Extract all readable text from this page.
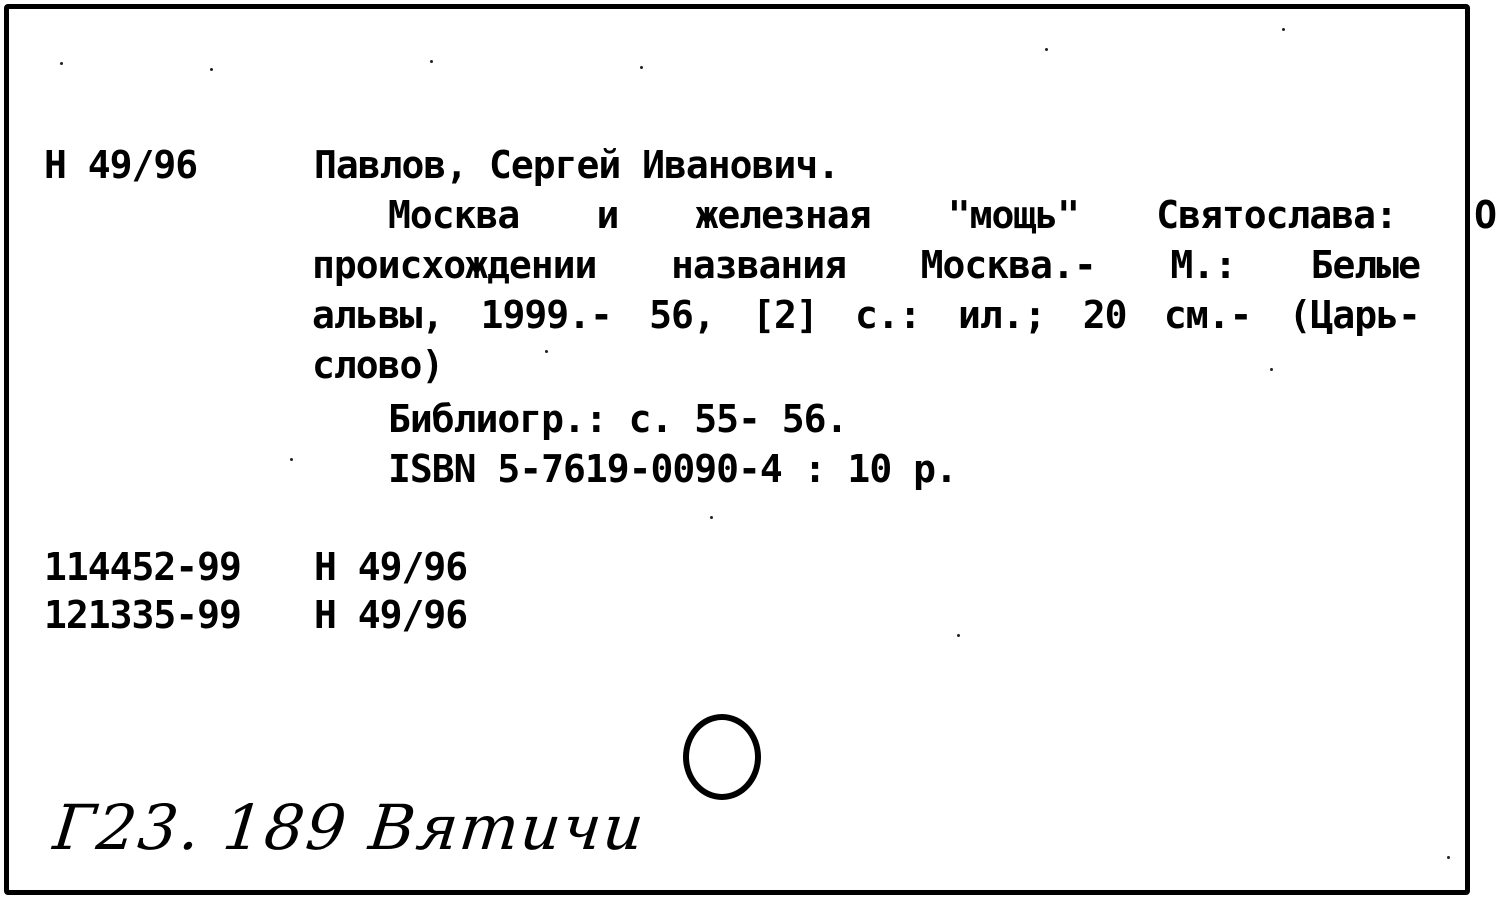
Н 49/96	Павлов, Сергей Иванович.
Москва и железная "мощь" Святослава: О
происхождении названия Москва.- М.: Белые
альвы, 1999.- 56, [2] с.: ил.; 20 см.- (Царь-
слово)
Библиогр.: с. 55- 56.
ISBN 5-7619-0090-4 : 10 р.
114452-99 Н 49/96
121335-99 Н 49/96
Г23. 189 Вятичи
